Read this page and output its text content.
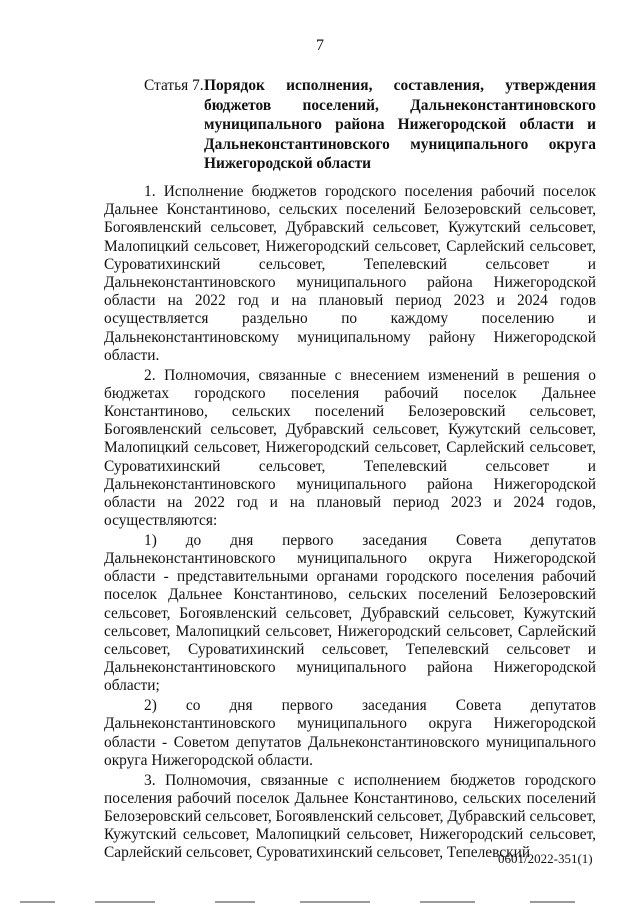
7
Статья 7. Порядок исполнения, составления, утверждения бюджетов поселений, Дальнеконстантиновского муниципального района Нижегородской области и Дальнеконстантиновского муниципального округа Нижегородской области

1. Исполнение бюджетов городского поселения рабочий поселок Дальнее Константиново, сельских поселений Белозеровский сельсовет, Богоявленский сельсовет, Дубравский сельсовет, Кужутский сельсовет, Малопицкий сельсовет, Нижегородский сельсовет, Сарлейский сельсовет, Суроватихинский сельсовет, Тепелевский сельсовет и Дальнеконстантиновского муниципального района Нижегородской области на 2022 год и на плановый период 2023 и 2024 годов осуществляется раздельно по каждому поселению и Дальнеконстантиновскому муниципальному району Нижегородской области.

2. Полномочия, связанные с внесением изменений в решения о бюджетах городского поселения рабочий поселок Дальнее Константиново, сельских поселений Белозеровский сельсовет, Богоявленский сельсовет, Дубравский сельсовет, Кужутский сельсовет, Малопицкий сельсовет, Нижегородский сельсовет, Сарлейский сельсовет, Суроватихинский сельсовет, Тепелевский сельсовет и Дальнеконстантиновского муниципального района Нижегородской области на 2022 год и на плановый период 2023 и 2024 годов, осуществляются:

1) до дня первого заседания Совета депутатов Дальнеконстантиновского муниципального округа Нижегородской области - представительными органами городского поселения рабочий поселок Дальнее Константиново, сельских поселений Белозеровский сельсовет, Богоявленский сельсовет, Дубравский сельсовет, Кужутский сельсовет, Малопицкий сельсовет, Нижегородский сельсовет, Сарлейский сельсовет, Суроватихинский сельсовет, Тепелевский сельсовет и Дальнеконстантиновского муниципального района Нижегородской области;

2) со дня первого заседания Совета депутатов Дальнеконстантиновского муниципального округа Нижегородской области - Советом депутатов Дальнеконстантиновского муниципального округа Нижегородской области.

3. Полномочия, связанные с исполнением бюджетов городского поселения рабочий поселок Дальнее Константиново, сельских поселений Белозеровский сельсовет, Богоявленский сельсовет, Дубравский сельсовет, Кужутский сельсовет, Малопицкий сельсовет, Нижегородский сельсовет, Сарлейский сельсовет, Суроватихинский сельсовет, Тепелевский

0601/2022-351(1)
